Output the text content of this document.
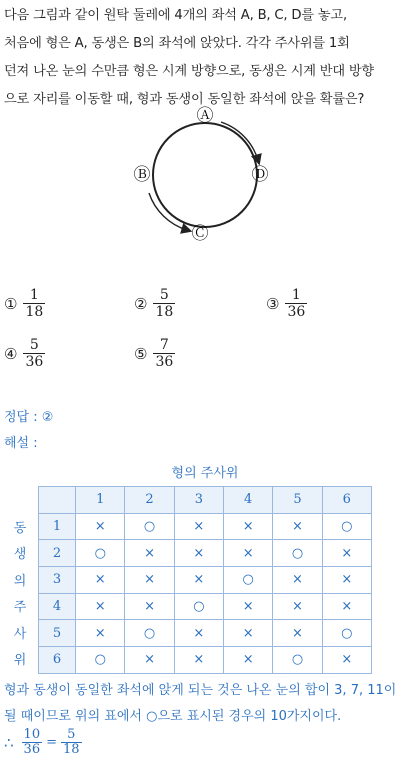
다음 그림과 같이 원탁 둘레에 4개의 좌석 A, B, C, D를 놓고,
처음에 형은 A, 동생은 B의 좌석에 앉았다. 각각 주사위를 1회
던져 나온 눈의 수만큼 형은 시계 방향으로, 동생은 시계 반대 방향
으로 자리를 이동할 때, 형과 동생이 동일한 좌석에 앉을 확률은?
Ⓐ
Ⓑ
Ⓒ
Ⓓ
① $\frac{1}{18}$	② $\frac{5}{18}$	③ $\frac{1}{36}$
④ $\frac{5}{36}$	⑤ $\frac{7}{36}$
정답 : ②
해설 :
형의 주사위
동
생
의
주
사
위
	1	2	3	4	5	6
1	×	○	×	×	×	○
2	○	×	×	×	○	×
3	×	×	×	○	×	×
4	×	×	○	×	×	×
5	×	○	×	×	×	○
6	○	×	×	×	○	×
형과 동생이 동일한 좌석에 앉게 되는 것은 나온 눈의 합이 3, 7, 11이
될 때이므로 위의 표에서 ○으로 표시된 경우의 10가지이다.
∴ $\frac{10}{36} = \frac{5}{18}$
